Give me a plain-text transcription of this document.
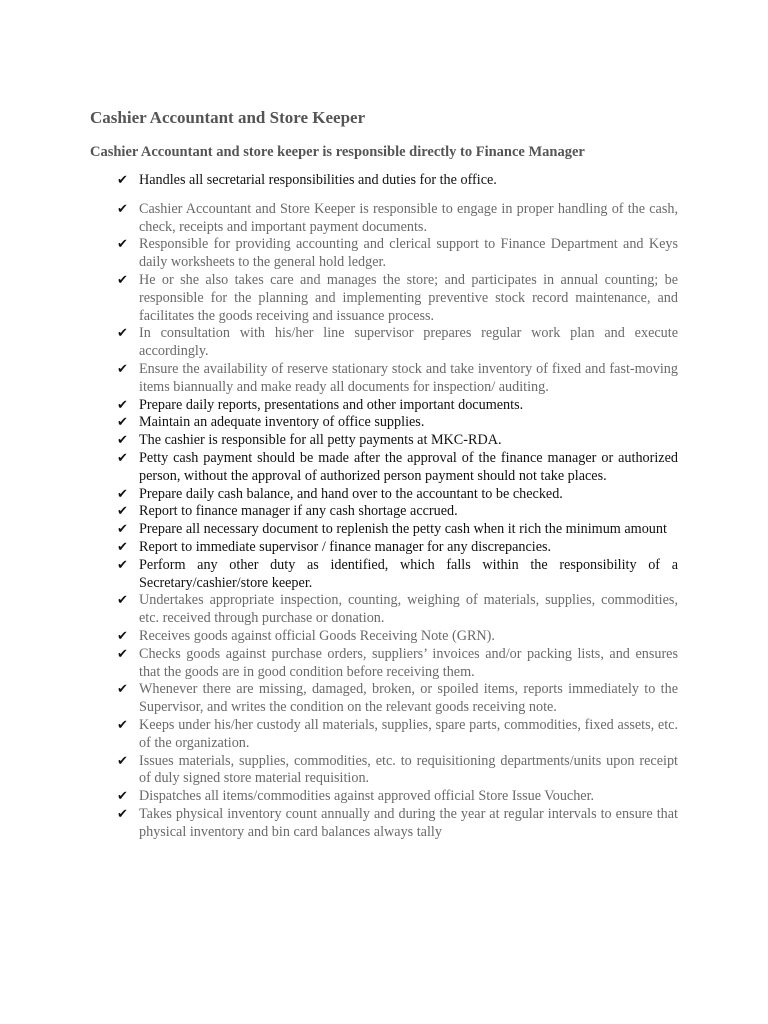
Cashier Accountant and Store Keeper
Cashier Accountant and store keeper is responsible directly to Finance Manager
✔ Handles all secretarial responsibilities and duties for the office.
✔ Cashier Accountant and Store Keeper is responsible to engage in proper handling of the cash, check, receipts and important payment documents.
✔ Responsible for providing accounting and clerical support to Finance Department and Keys daily worksheets to the general hold ledger.
✔ He or she also takes care and manages the store; and participates in annual counting; be responsible for the planning and implementing preventive stock record maintenance, and facilitates the goods receiving and issuance process.
✔ In consultation with his/her line supervisor prepares regular work plan and execute accordingly.
✔ Ensure the availability of reserve stationary stock and take inventory of fixed and fast-moving items biannually and make ready all documents for inspection/ auditing.
✔ Prepare daily reports, presentations and other important documents.
✔ Maintain an adequate inventory of office supplies.
✔ The cashier is responsible for all petty payments at MKC-RDA.
✔ Petty cash payment should be made after the approval of the finance manager or authorized person, without the approval of authorized person payment should not take places.
✔ Prepare daily cash balance, and hand over to the accountant to be checked.
✔ Report to finance manager if any cash shortage accrued.
✔ Prepare all necessary document to replenish the petty cash when it rich the minimum amount
✔ Report to immediate supervisor / finance manager for any discrepancies.
✔ Perform any other duty as identified, which falls within the responsibility of a Secretary/cashier/store keeper.
✔ Undertakes appropriate inspection, counting, weighing of materials, supplies, commodities, etc. received through purchase or donation.
✔ Receives goods against official Goods Receiving Note (GRN).
✔ Checks goods against purchase orders, suppliers’ invoices and/or packing lists, and ensures that the goods are in good condition before receiving them.
✔ Whenever there are missing, damaged, broken, or spoiled items, reports immediately to the Supervisor, and writes the condition on the relevant goods receiving note.
✔ Keeps under his/her custody all materials, supplies, spare parts, commodities, fixed assets, etc. of the organization.
✔ Issues materials, supplies, commodities, etc. to requisitioning departments/units upon receipt of duly signed store material requisition.
✔ Dispatches all items/commodities against approved official Store Issue Voucher.
✔ Takes physical inventory count annually and during the year at regular intervals to ensure that physical inventory and bin card balances always tally
